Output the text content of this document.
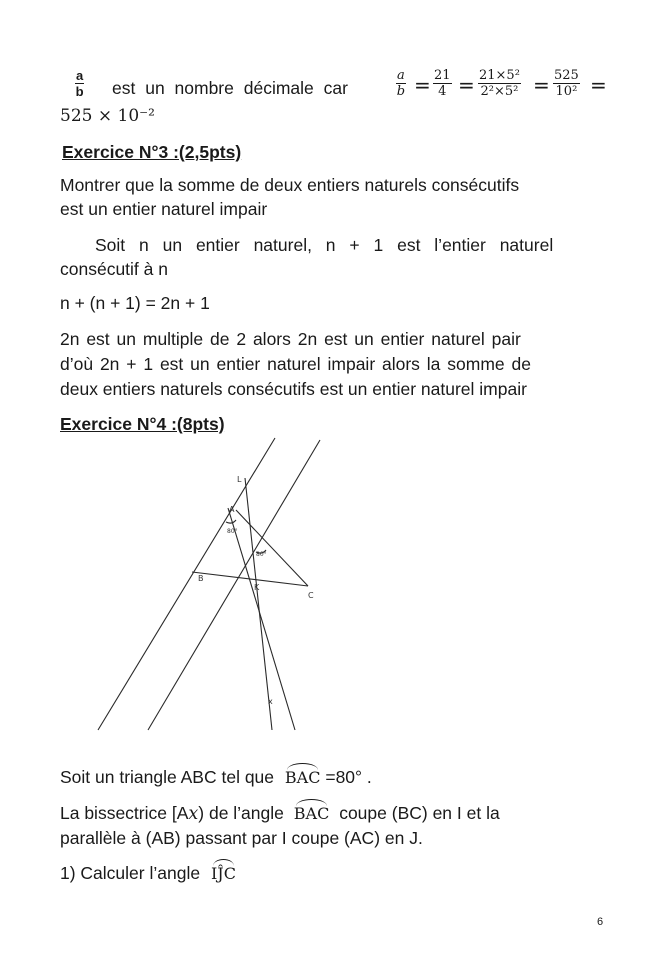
$\frac{a}{b}$ est un nombre décimale car	$\frac{a}{b} = \frac{21}{4} = \frac{\text{21×5²}}{\text{2²×5²}} = \frac{525}{\text{10²}}$ =
525 × 10⁻²
Exercice N°3 :(2,5pts)
Montrer que la somme de deux entiers naturels consécutifs
est un entier naturel impair
Soit n un entier naturel, n + 1 est l’entier naturel
consécutif à n
n + (n + 1) = 2n + 1
2n est un multiple de 2 alors 2n est un entier naturel pair
d’où 2n + 1 est un entier naturel impair alors la somme de
deux entiers naturels consécutifs est un entier naturel impair
Exercice N°4 :(8pts)
L
A
B
C
K
x
80°
80°
Soit un triangle ABC tel que BAC =80° .
La bissectrice [Ax) de l’angle BAC coupe (BC) en I et la
parallèle à (AB) passant par I coupe (AC) en J.
1) Calculer l’angle IĴC
6
